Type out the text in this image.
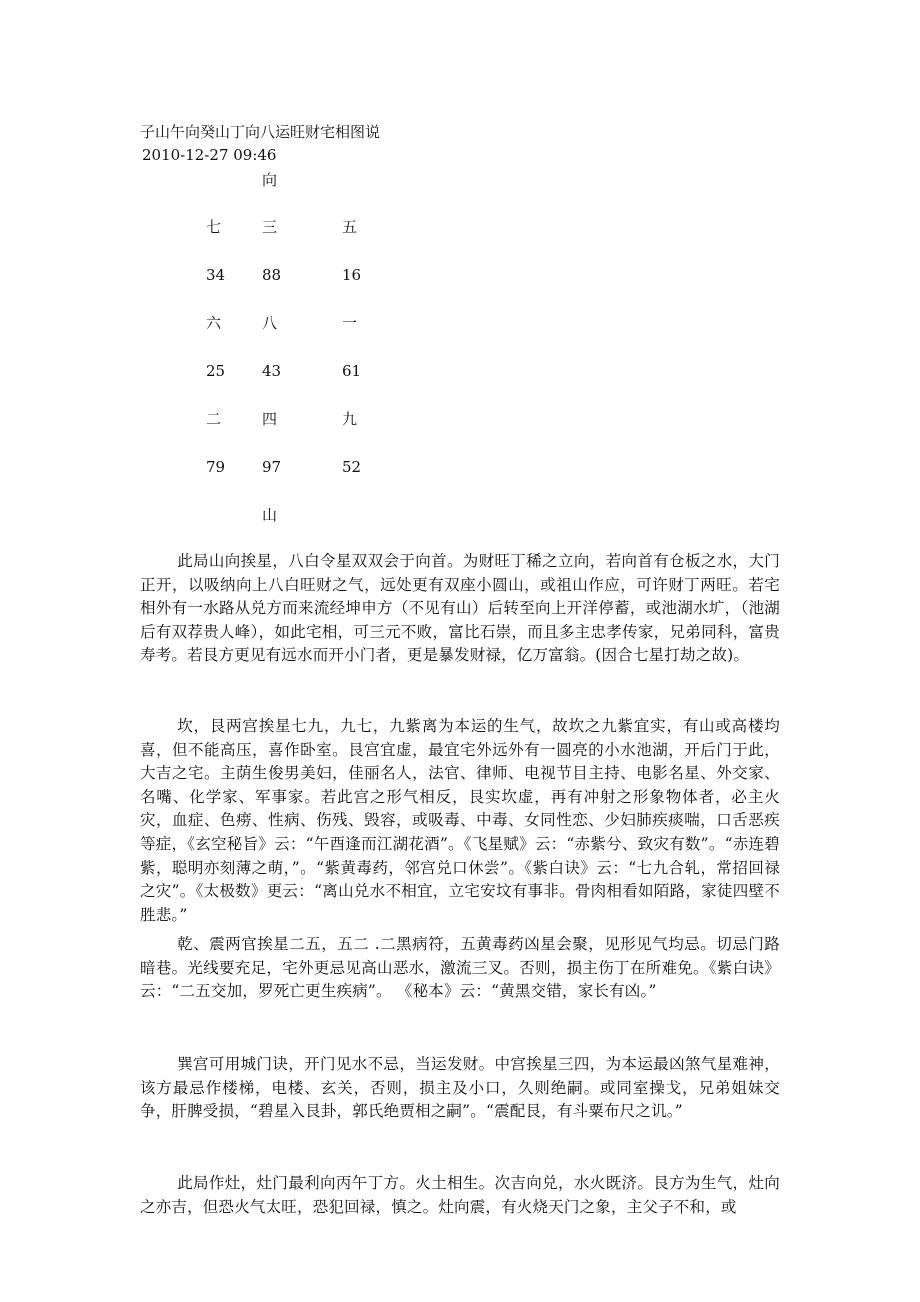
子山午向癸山丁向八运旺财宅相图说
2010-12-27 09:46
向
七	三	五
34	88	16
六	八	一
25	43	61
二	四	九
79	97	52
山

此局山向挨星，八白令星双双会于向首。为财旺丁稀之立向，若向首有仓板之水，大门正开，以吸纳向上八白旺财之气，远处更有双座小圆山，或祖山作应，可许财丁两旺。若宅相外有一水路从兑方而来流经坤申方（不见有山）后转至向上开洋停蓄，或池湖水圹，（池湖后有双荐贵人峰），如此宅相，可三元不败，富比石崇，而且多主忠孝传家，兄弟同科，富贵寿考。若艮方更见有远水而开小门者，更是暴发财禄，亿万富翁。(因合七星打劫之故)。

坎，艮两宫挨星七九，九七，九紫离为本运的生气，故坎之九紫宜实，有山或高楼均喜，但不能高压，喜作卧室。艮宫宜虚，最宜宅外远外有一圆亮的小水池湖，开后门于此，大吉之宅。主荫生俊男美妇，佳丽名人，法官、律师、电视节目主持、电影名星、外交家、名嘴、化学家、军事家。若此宫之形气相反，艮实坎虚，再有冲射之形象物体者，必主火灾，血症、色痨、性病、伤残、毁容，或吸毒、中毒、女同性恋、少妇肺疾痰喘，口舌恶疾等症，《玄空秘旨》云：“午酉逢而江湖花酒”。《飞星赋》云：“赤紫兮、致灾有数”。“赤连碧紫，聪明亦刻薄之萌，”。“紫黄毒药，邻宫兑口休尝”。《紫白诀》云：“七九合轧，常招回禄之灾”。《太极数》更云：“离山兑水不相宜，立宅安坟有事非。骨肉相看如陌路，家徒四壁不胜悲。”

乾、震两官挨星二五，五二 .二黑病符，五黄毒药凶星会聚，见形见气均忌。切忌门路暗巷。光线要充足，宅外更忌见高山恶水，激流三叉。否则，损主伤丁在所难免。《紫白诀》云：“二五交加，罗死亡更生疾病”。 《秘本》云：“黄黑交错，家长有凶。”

巽宫可用城门诀，开门见水不忌，当运发财。中宫挨星三四，为本运最凶煞气星难神，该方最忌作楼梯，电楼、玄关，否则，损主及小口，久则绝嗣。或同室操戈，兄弟姐妹交争，肝脾受损，“碧星入艮卦，郭氏绝贾相之嗣”。“震配艮，有斗粟布尺之讥。”

此局作灶，灶门最利向丙午丁方。火土相生。次吉向兑，水火既济。艮方为生气，灶向之亦吉，但恐火气太旺，恐犯回禄，慎之。灶向震，有火烧天门之象，主父子不和，或
